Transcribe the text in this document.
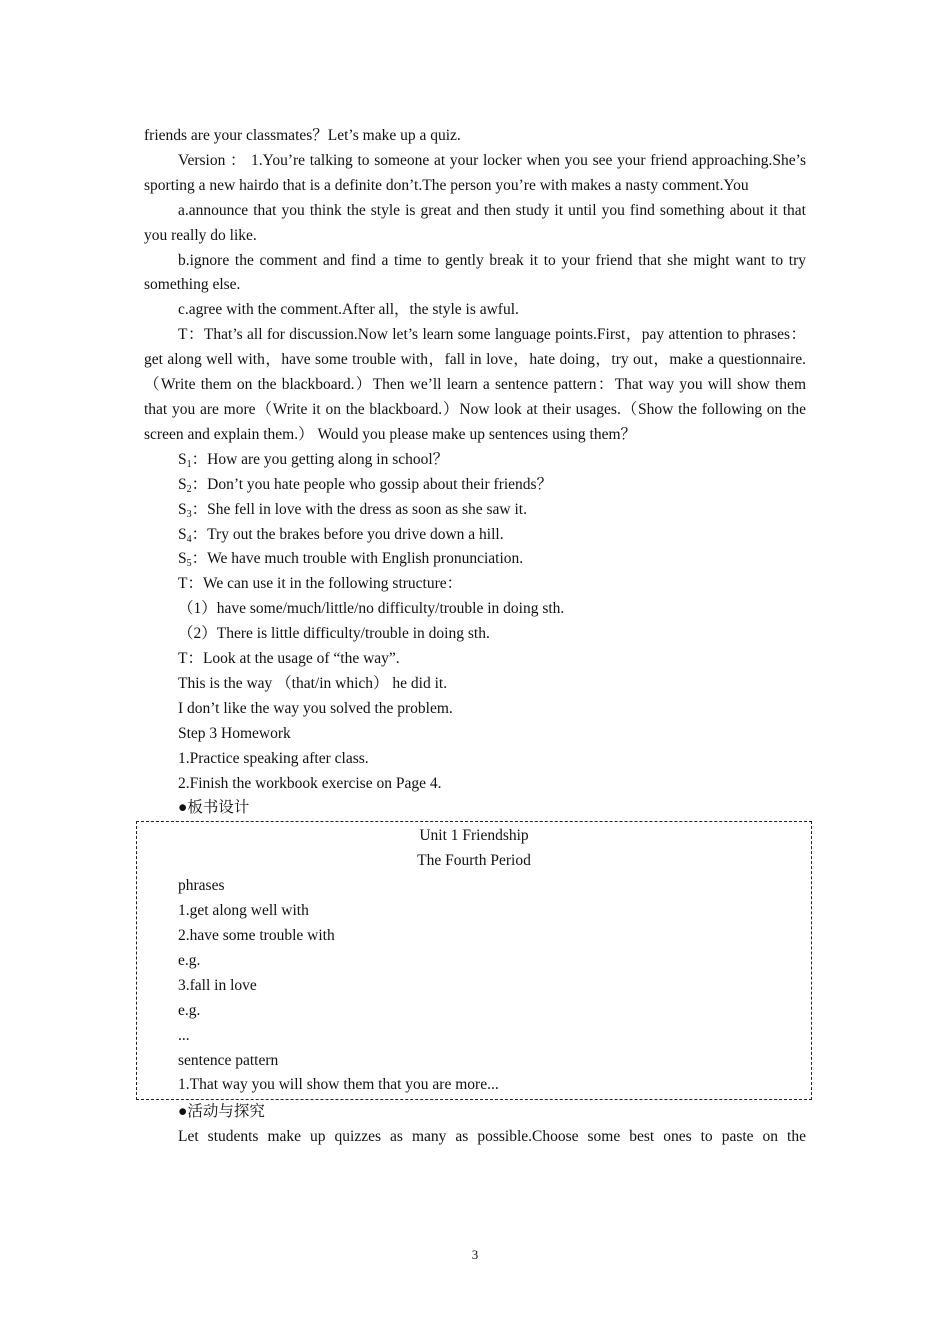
friends are your classmates？Let’s make up a quiz.

Version ： 1.You’re talking to someone at your locker when you see your friend approaching.She’s sporting a new hairdo that is a definite don’t.The person you’re with makes a nasty comment.You

a.announce that you think the style is great and then study it until you find something about it that you really do like.

b.ignore the comment and find a time to gently break it to your friend that she might want to try something else.

c.agree with the comment.After all，the style is awful.

T：That’s all for discussion.Now let’s learn some language points.First，pay attention to phrases：get along well with，have some trouble with，fall in love，hate doing，try out，make a questionnaire.（Write them on the blackboard.）Then we’ll learn a sentence pattern：That way you will show them that you are more（Write it on the blackboard.）Now look at their usages.（Show the following on the screen and explain them.） Would you please make up sentences using them？

$S_1$：How are you getting along in school？

$S_2$：Don’t you hate people who gossip about their friends？

$S_3$：She fell in love with the dress as soon as she saw it.

$S_4$：Try out the brakes before you drive down a hill.

$S_5$：We have much trouble with English pronunciation.

T：We can use it in the following structure：

（1）have some/much/little/no difficulty/trouble in doing sth.

（2）There is little difficulty/trouble in doing sth.

T：Look at the usage of “the way”.

This is the way （that/in which） he did it.

I don’t like the way you solved the problem.

Step 3 Homework

1.Practice speaking after class.

2.Finish the workbook exercise on Page 4.

●板书设计

Unit 1 Friendship

The Fourth Period

phrases

1.get along well with

2.have some trouble with

e.g.

3.fall in love

e.g.

...

sentence pattern

1.That way you will show them that you are more...

●活动与探究

Let students make up quizzes as many as possible.Choose some best ones to paste on the

3
